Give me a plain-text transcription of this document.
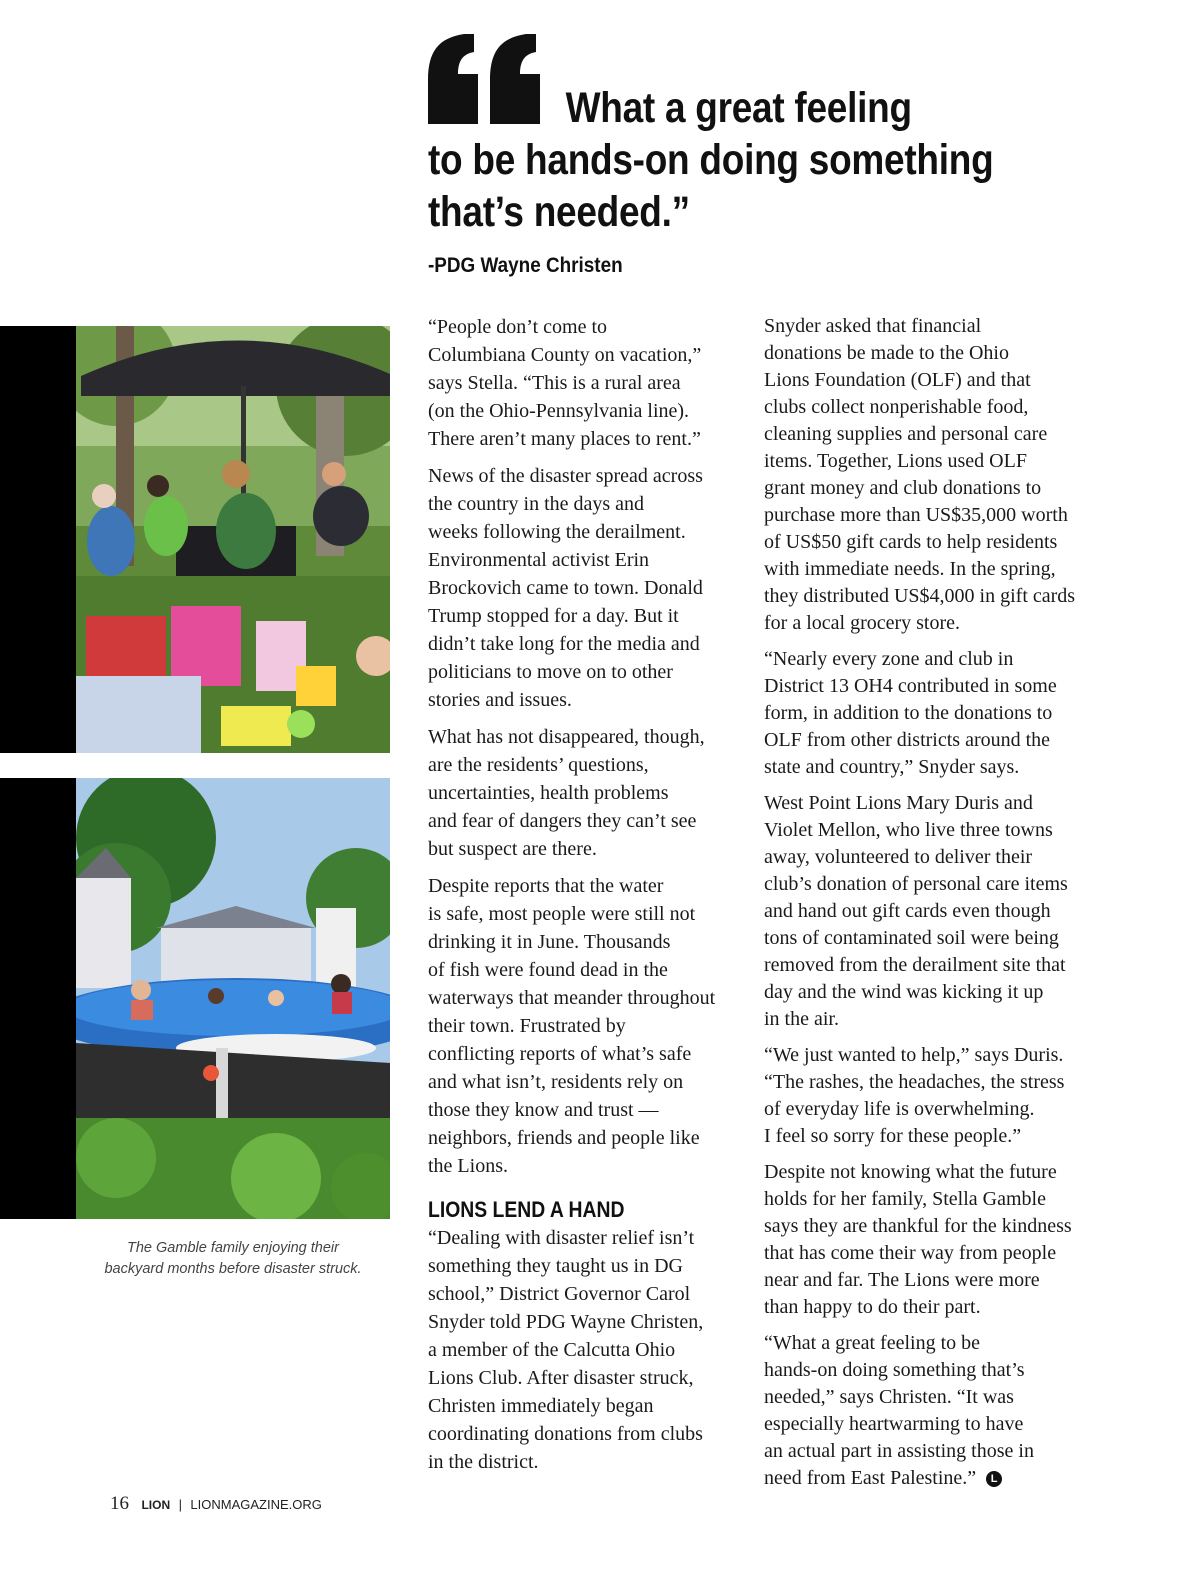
What a great feeling
to be hands-on doing something
that’s needed.”
-PDG Wayne Christen
The Gamble family enjoying their
backyard months before disaster struck.

“People don’t come to
Columbiana County on vacation,”
says Stella. “This is a rural area
(on the Ohio-Pennsylvania line).
There aren’t many places to rent.”

News of the disaster spread across
the country in the days and
weeks following the derailment.
Environmental activist Erin
Brockovich came to town. Donald
Trump stopped for a day. But it
didn’t take long for the media and
politicians to move on to other
stories and issues.

What has not disappeared, though,
are the residents’ questions,
uncertainties, health problems
and fear of dangers they can’t see
but suspect are there.

Despite reports that the water
is safe, most people were still not
drinking it in June. Thousands
of fish were found dead in the
waterways that meander throughout
their town. Frustrated by
conflicting reports of what’s safe
and what isn’t, residents rely on
those they know and trust —
neighbors, friends and people like
the Lions.

LIONS LEND A HAND

“Dealing with disaster relief isn’t
something they taught us in DG
school,” District Governor Carol
Snyder told PDG Wayne Christen,
a member of the Calcutta Ohio
Lions Club. After disaster struck,
Christen immediately began
coordinating donations from clubs
in the district.

Snyder asked that financial
donations be made to the Ohio
Lions Foundation (OLF) and that
clubs collect nonperishable food,
cleaning supplies and personal care
items. Together, Lions used OLF
grant money and club donations to
purchase more than US$35,000 worth
of US$50 gift cards to help residents
with immediate needs. In the spring,
they distributed US$4,000 in gift cards
for a local grocery store.

“Nearly every zone and club in
District 13 OH4 contributed in some
form, in addition to the donations to
OLF from other districts around the
state and country,” Snyder says.

West Point Lions Mary Duris and
Violet Mellon, who live three towns
away, volunteered to deliver their
club’s donation of personal care items
and hand out gift cards even though
tons of contaminated soil were being
removed from the derailment site that
day and the wind was kicking it up
in the air.

“We just wanted to help,” says Duris.
“The rashes, the headaches, the stress
of everyday life is overwhelming.
I feel so sorry for these people.”

Despite not knowing what the future
holds for her family, Stella Gamble
says they are thankful for the kindness
that has come their way from people
near and far. The Lions were more
than happy to do their part.

“What a great feeling to be
hands-on doing something that’s
needed,” says Christen. “It was
especially heartwarming to have
an actual part in assisting those in
need from East Palestine.” L

16 LION | LIONMAGAZINE.ORG
